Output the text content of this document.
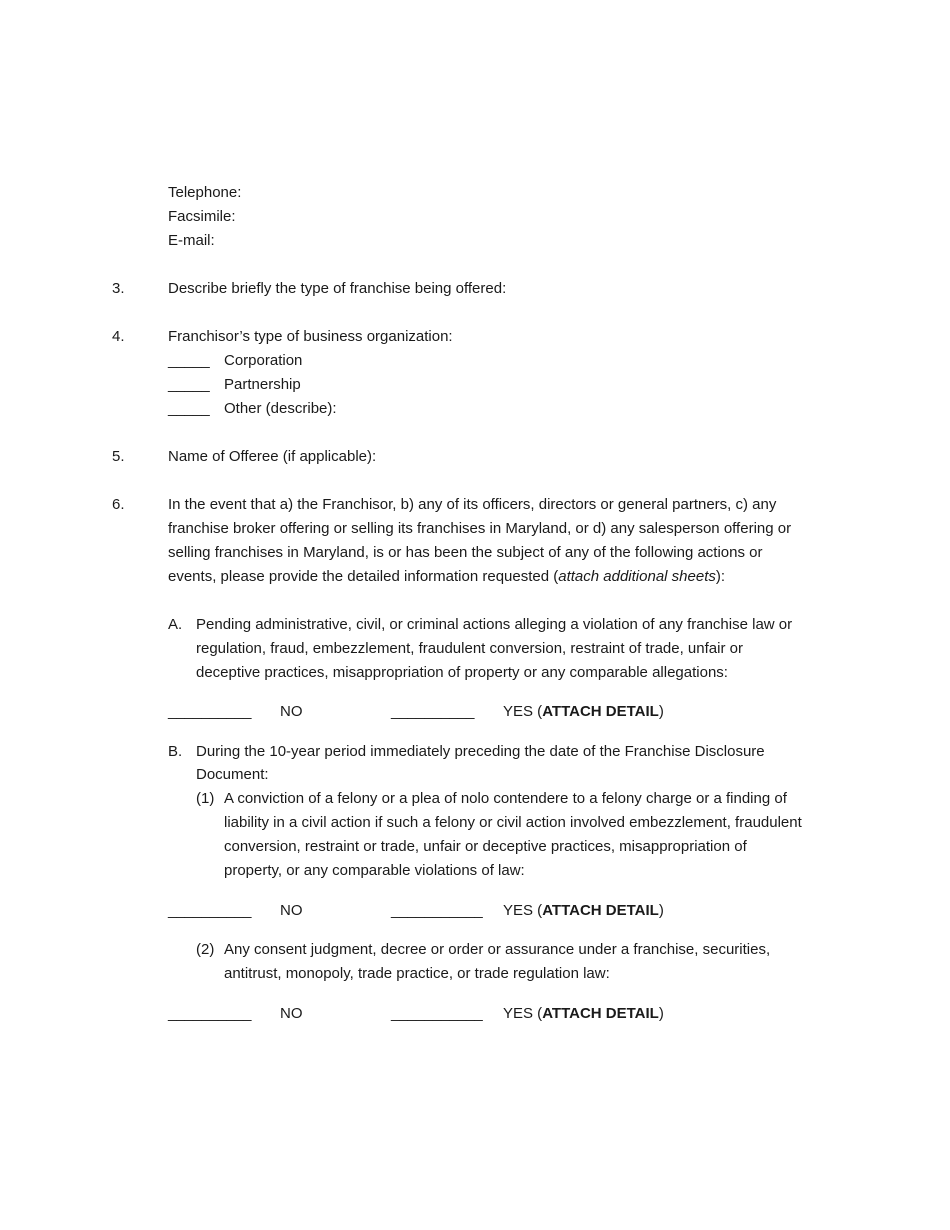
Telephone:
Facsimile:
E-mail:
3.	Describe briefly the type of franchise being offered:
4.	Franchisor’s type of business organization:
_____ Corporation
_____ Partnership
_____ Other (describe):
5.	Name of Offeree (if applicable):
6.	In the event that a) the Franchisor, b) any of its officers, directors or general partners, c) any
franchise broker offering or selling its franchises in Maryland, or d) any salesperson offering or
selling franchises in Maryland, is or has been the subject of any of the following actions or
events, please provide the detailed information requested (attach additional sheets):
A. Pending administrative, civil, or criminal actions alleging a violation of any franchise law or
regulation, fraud, embezzlement, fraudulent conversion, restraint of trade, unfair or
deceptive practices, misappropriation of property or any comparable allegations:
__________ NO	__________ YES (ATTACH DETAIL)
B. During the 10-year period immediately preceding the date of the Franchise Disclosure
Document:
(1) A conviction of a felony or a plea of nolo contendere to a felony charge or a finding of
liability in a civil action if such a felony or civil action involved embezzlement, fraudulent
conversion, restraint or trade, unfair or deceptive practices, misappropriation of
property, or any comparable violations of law:
__________ NO	___________ YES (ATTACH DETAIL)
(2) Any consent judgment, decree or order or assurance under a franchise, securities,
antitrust, monopoly, trade practice, or trade regulation law:
__________ NO	___________ YES (ATTACH DETAIL)
